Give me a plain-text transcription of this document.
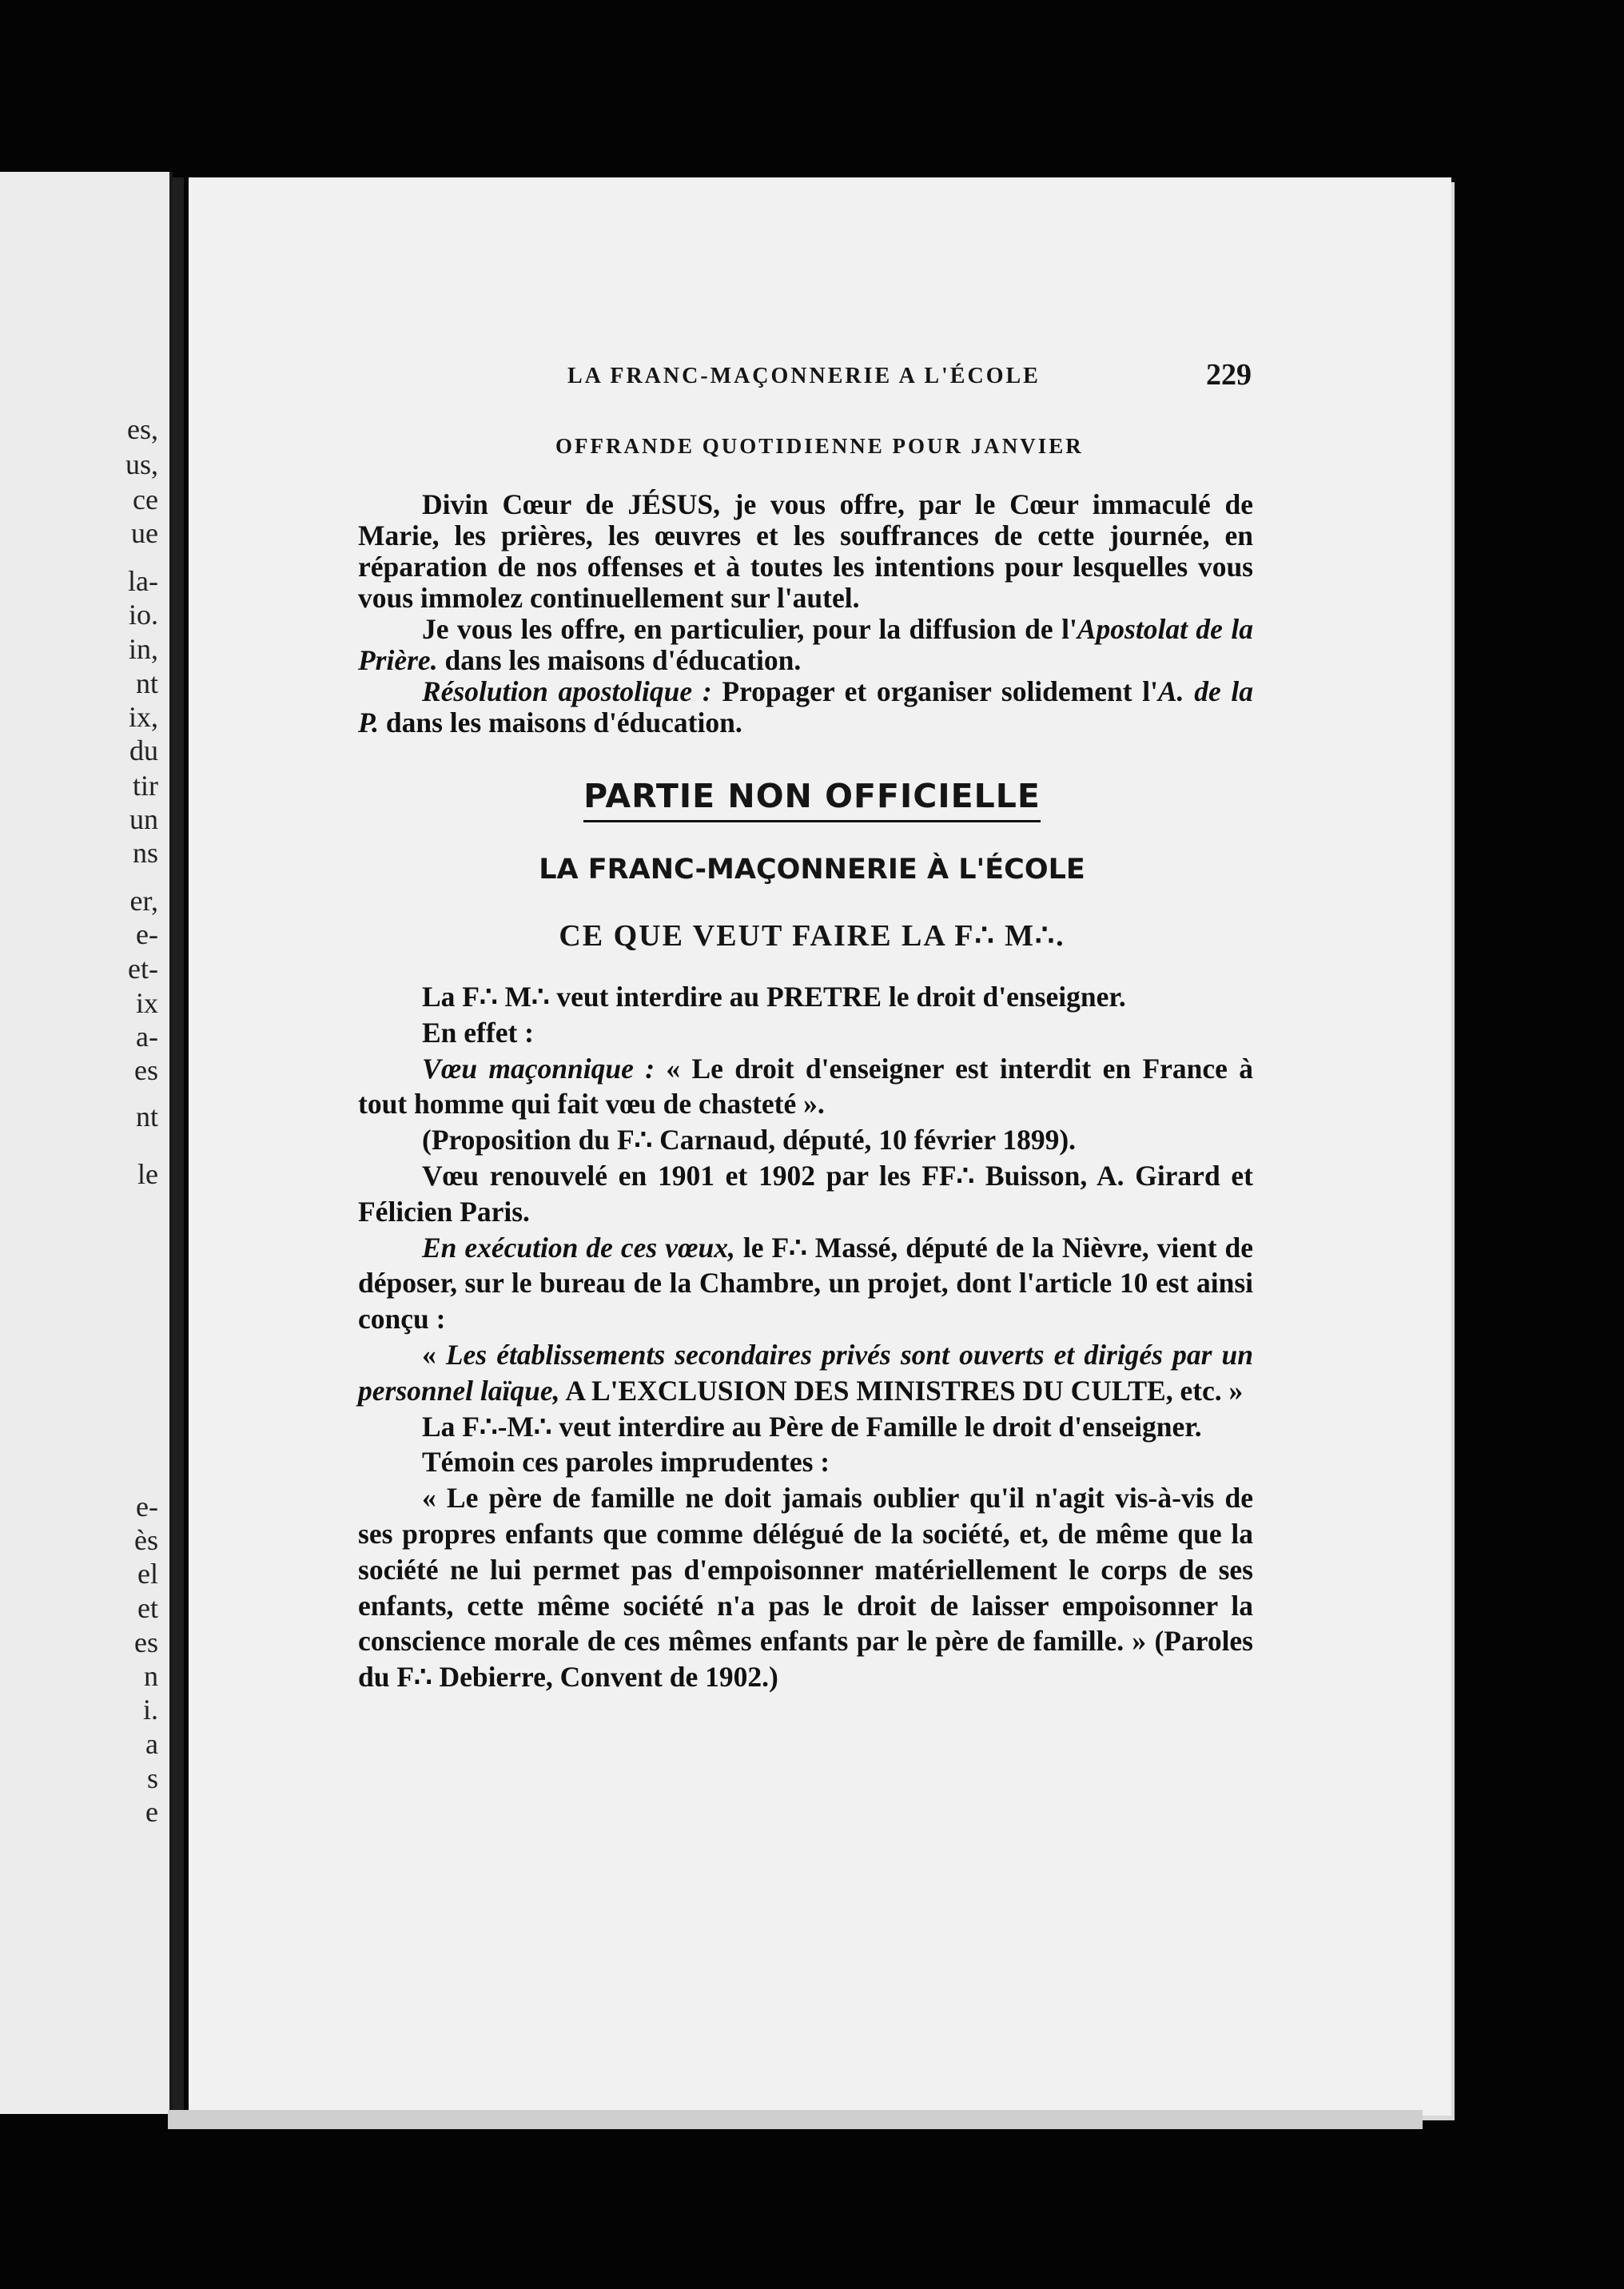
es,
us,
ce
ue
la-
io.
in,
nt
ix,
du
tir
un
ns
er,
e-
et-
ix
a-
es
nt
le
e-
ès
el
et
es
n
i.
a
s
e
LA FRANC-MAÇONNERIE A L'ÉCOLE	229
OFFRANDE QUOTIDIENNE POUR JANVIER

Divin Cœur de JÉSUS, je vous offre, par le Cœur immaculé de Marie, les prières, les œuvres et les souffrances de cette journée, en réparation de nos offenses et à toutes les intentions pour lesquelles vous vous immolez continuellement sur l'autel.

Je vous les offre, en particulier, pour la diffusion de l'Apostolat de la Prière. dans les maisons d'éducation.

Résolution apostolique : Propager et organiser solidement l'A. de la P. dans les maisons d'éducation.

PARTIE NON OFFICIELLE
LA FRANC-MAÇONNERIE À L'ÉCOLE
CE QUE VEUT FAIRE LA F∴ M∴.

La F∴ M∴ veut interdire au PRETRE le droit d'enseigner.

En effet :

Vœu maçonnique : « Le droit d'enseigner est interdit en France à tout homme qui fait vœu de chasteté ».

(Proposition du F∴ Carnaud, député, 10 février 1899).

Vœu renouvelé en 1901 et 1902 par les FF∴ Buisson, A. Girard et Félicien Paris.

En exécution de ces vœux, le F∴ Massé, député de la Nièvre, vient de déposer, sur le bureau de la Chambre, un projet, dont l'article 10 est ainsi conçu :

« Les établissements secondaires privés sont ouverts et dirigés par un personnel laïque, A L'EXCLUSION DES MINISTRES DU CULTE, etc. »

La F∴-M∴ veut interdire au Père de Famille le droit d'enseigner.

Témoin ces paroles imprudentes :

« Le père de famille ne doit jamais oublier qu'il n'agit vis-à-vis de ses propres enfants que comme délégué de la société, et, de même que la société ne lui permet pas d'empoisonner matériellement le corps de ses enfants, cette même société n'a pas le droit de laisser empoisonner la conscience morale de ces mêmes enfants par le père de famille. » (Paroles du F∴ Debierre, Convent de 1902.)
